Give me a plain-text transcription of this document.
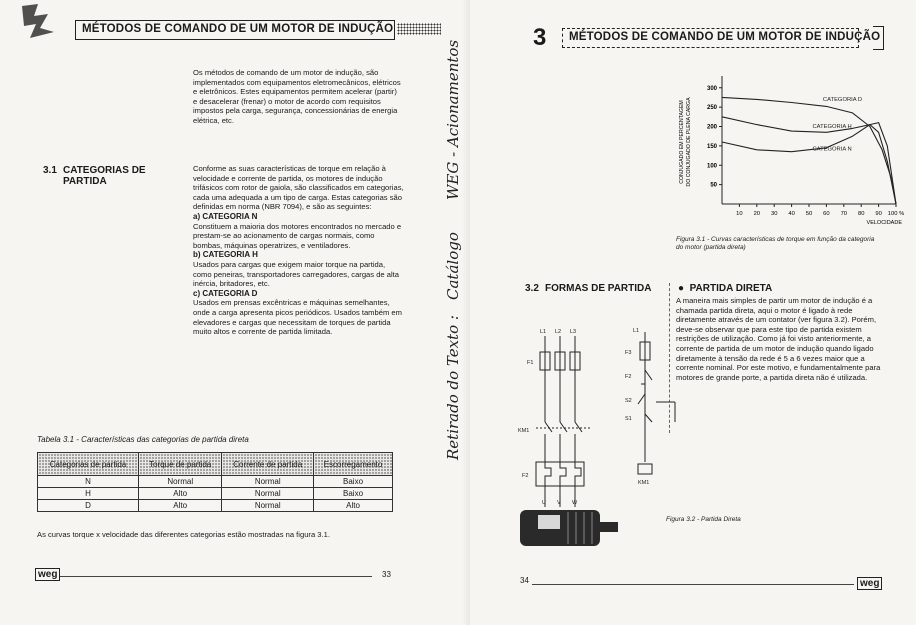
MÉTODOS DE COMANDO DE UM MOTOR DE INDUÇÃO

Os métodos de comando de um motor de indução, são implementados com equipamentos eletromecânicos, elétricos e eletrônicos. Estes equipamentos permitem acelerar (partir) e desacelerar (frenar) o motor de acordo com requisitos impostos pela carga, segurança, concessionárias de energia elétrica, etc.

3.1 CATEGORIAS DE
PARTIDA

Conforme as suas características de torque em relação à velocidade e corrente de partida, os motores de indução trifásicos com rotor de gaiola, são classificados em categorias, cada uma adequada a um tipo de carga. Estas categorias são definidas em norma (NBR 7094), e são as seguintes:

a) CATEGORIA N

Constituem a maioria dos motores encontrados no mercado e prestam-se ao acionamento de cargas normais, como bombas, máquinas operatrizes, e ventiladores.

b) CATEGORIA H

Usados para cargas que exigem maior torque na partida, como peneiras, transportadores carregadores, cargas de alta inércia, britadores, etc.

c) CATEGORIA D

Usados em prensas excêntricas e máquinas semelhantes, onde a carga apresenta picos periódicos. Usados também em elevadores e cargas que necessitam de torques de partida muito altos e corrente de partida limitada.

Tabela 3.1 - Características das categorias de partida direta
Categorias de partida	Torque de partida	Corrente de partida	Escorregamento
N	Normal	Normal	Baixo
H	Alto	Normal	Baixo
D	Alto	Normal	Alto
As curvas torque x velocidade das diferentes categorias estão mostradas na figura 3.1.
weg	33
WEG - Acionamentos
Catálogo
Retirado do Texto :
3	MÉTODOS DE COMANDO DE UM MOTOR DE INDUÇÃO
50
100
150
200
250
300
10 20 30 40 50 60 70 80 90 100 %
VELOCIDADE
CONJUGADO EM PERCENTAGEM DO CONJUGADO DE PLENA CARGA	CATEGORIA D
CATEGORIA H
CATEGORIA N
Figura 3.1 - Curvas características de torque em função da categoria do motor (partida direta)
3.2 FORMAS DE PARTIDA	● PARTIDA DIRETA
A maneira mais simples de partir um motor de indução é a chamada partida direta, aqui o motor é ligado à rede diretamente através de um contator (ver figura 3.2). Porém, deve-se observar que para este tipo de partida existem restrições de utilização. Como já foi visto anteriormente, a corrente de partida de um motor de indução quando ligado diretamente à tensão da rede é 5 a 6 vezes maior que a corrente nominal. Por este motivo, e fundamentalmente para motores de grande porte, a partida direta não é utilizada.
L1 L2 L3
F1
KM1
F2
U V W
L1
F3
F2
S2
S1
KM1
Figura 3.2 - Partida Direta
34	weg
